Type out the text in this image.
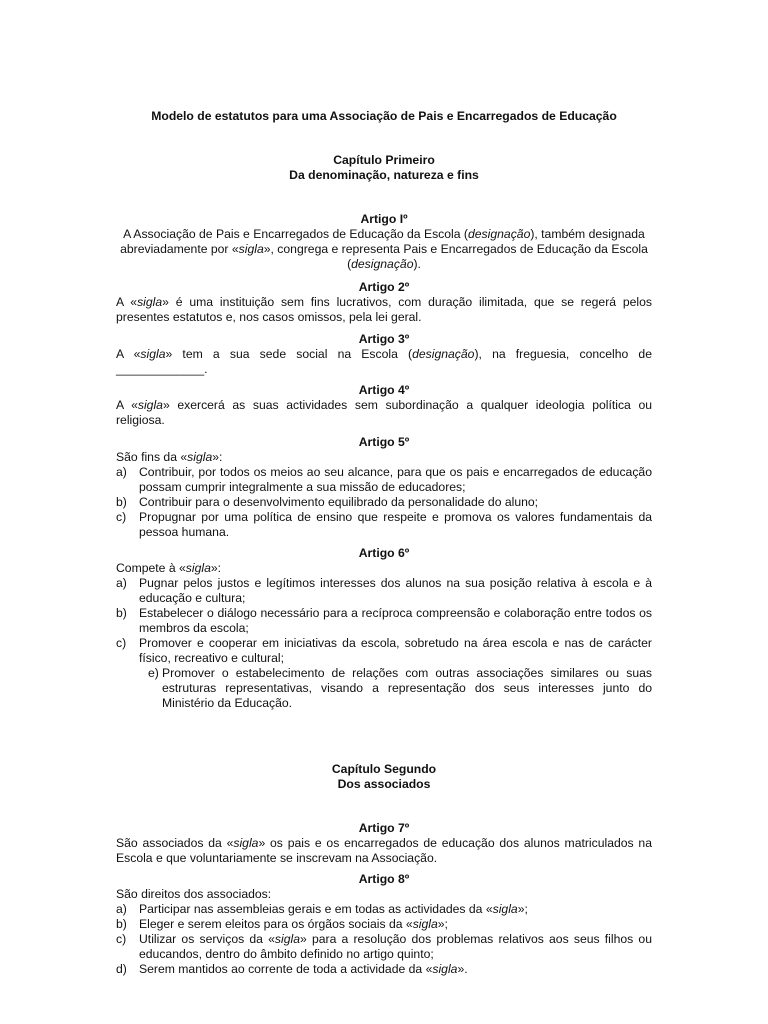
Modelo de estatutos para uma Associação de Pais e Encarregados de Educação
Capítulo Primeiro
Da denominação, natureza e fins
Artigo Iº
A Associação de Pais e Encarregados de Educação da Escola (designação), também designada abreviadamente por «sigla», congrega e representa Pais e Encarregados de Educação da Escola (designação).
Artigo 2º
A «sigla» é uma instituição sem fins lucrativos, com duração ilimitada, que se regerá pelos presentes estatutos e, nos casos omissos, pela lei geral.
Artigo 3º
A «sigla» tem a sua sede social na Escola (designação), na freguesia, concelho de _____________.
Artigo 4º
A «sigla» exercerá as suas actividades sem subordinação a qualquer ideologia política ou religiosa.
Artigo 5º
São fins da «sigla»:
a) Contribuir, por todos os meios ao seu alcance, para que os pais e encarregados de educação possam cumprir integralmente a sua missão de educadores;
b) Contribuir para o desenvolvimento equilibrado da personalidade do aluno;
c) Propugnar por uma política de ensino que respeite e promova os valores fundamentais da pessoa humana.
Artigo 6º
Compete à «sigla»:
a) Pugnar pelos justos e legítimos interesses dos alunos na sua posição relativa à escola e à educação e cultura;
b) Estabelecer o diálogo necessário para a recíproca compreensão e colaboração entre todos os membros da escola;
c) Promover e cooperar em iniciativas da escola, sobretudo na área escola e nas de carácter físico, recreativo e cultural;
e) Promover o estabelecimento de relações com outras associações similares ou suas estruturas representativas, visando a representação dos seus interesses junto do Ministério da Educação.
Capítulo Segundo
Dos associados
Artigo 7º
São associados da «sigla» os pais e os encarregados de educação dos alunos matriculados na Escola e que voluntariamente se inscrevam na Associação.
Artigo 8º
São direitos dos associados:
a) Participar nas assembleias gerais e em todas as actividades da «sigla»;
b) Eleger e serem eleitos para os órgãos sociais da «sigla»;
c) Utilizar os serviços da «sigla» para a resolução dos problemas relativos aos seus filhos ou educandos, dentro do âmbito definido no artigo quinto;
d) Serem mantidos ao corrente de toda a actividade da «sigla».
